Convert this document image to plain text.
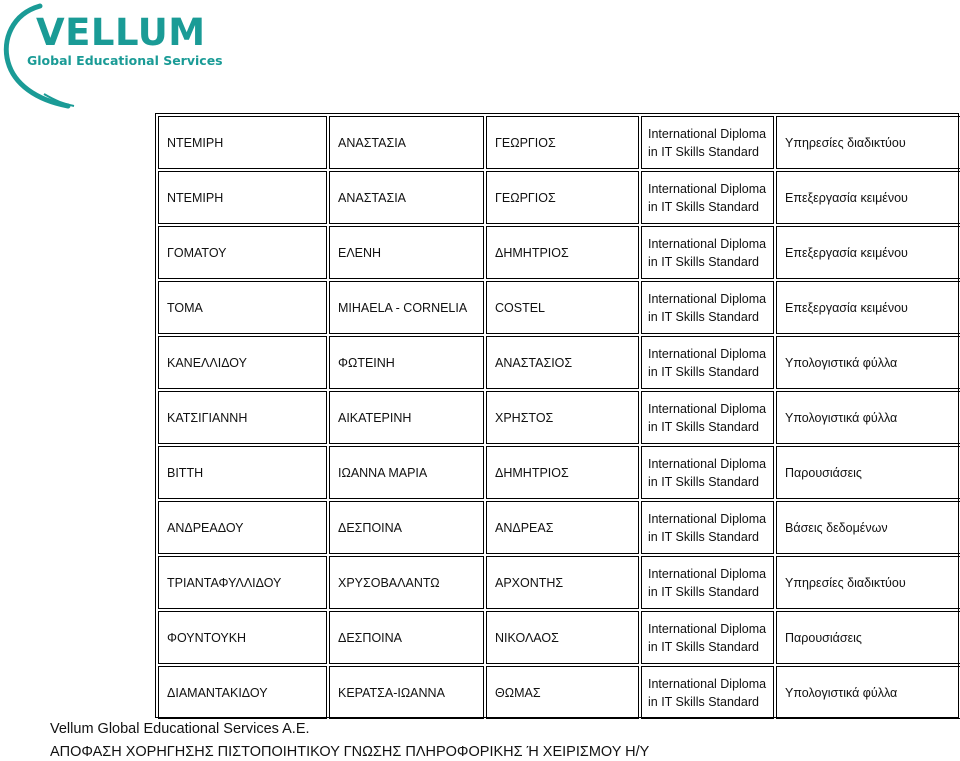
VELLUM
Global Educational Services
ΝΤΕΜΙΡΗ	ΑΝΑΣΤΑΣΙΑ	ΓΕΩΡΓΙΟΣ
International Diploma in IT Skills Standard
Υπηρεσίες διαδικτύου
ΝΤΕΜΙΡΗ	ΑΝΑΣΤΑΣΙΑ	ΓΕΩΡΓΙΟΣ
International Diploma in IT Skills Standard
Επεξεργασία κειμένου
ΓΟΜΑΤΟΥ	ΕΛΕΝΗ	ΔΗΜΗΤΡΙΟΣ
International Diploma in IT Skills Standard
Επεξεργασία κειμένου
ΤΟΜΑ	MIHAELA - CORNELIA	COSTEL
International Diploma in IT Skills Standard
Επεξεργασία κειμένου
ΚΑΝΕΛΛΙΔΟΥ	ΦΩΤΕΙΝΗ	ΑΝΑΣΤΑΣΙΟΣ
International Diploma in IT Skills Standard
Υπολογιστικά φύλλα
ΚΑΤΣΙΓΙΑΝΝΗ	ΑΙΚΑΤΕΡΙΝΗ	ΧΡΗΣΤΟΣ
International Diploma in IT Skills Standard
Υπολογιστικά φύλλα
ΒΙΤΤΗ	ΙΩΑΝΝΑ ΜΑΡΙΑ	ΔΗΜΗΤΡΙΟΣ
International Diploma in IT Skills Standard
Παρουσιάσεις
ΑΝΔΡΕΑΔΟΥ	ΔΕΣΠΟΙΝΑ	ΑΝΔΡΕΑΣ
International Diploma in IT Skills Standard
Βάσεις δεδομένων
ΤΡΙΑΝΤΑΦΥΛΛΙΔΟΥ	ΧΡΥΣΟΒΑΛΑΝΤΩ	ΑΡΧΟΝΤΗΣ
International Diploma in IT Skills Standard
Υπηρεσίες διαδικτύου
ΦΟΥΝΤΟΥΚΗ	ΔΕΣΠΟΙΝΑ	ΝΙΚΟΛΑΟΣ
International Diploma in IT Skills Standard
Παρουσιάσεις
ΔΙΑΜΑΝΤΑΚΙΔΟΥ	ΚΕΡΑΤΣΑ-ΙΩΑΝΝΑ	ΘΩΜΑΣ
International Diploma in IT Skills Standard
Υπολογιστικά φύλλα
Vellum Global Educational Services A.E.
ΑΠΟΦΑΣΗ ΧΟΡΗΓΗΣΗΣ ΠΙΣΤΟΠΟΙΗΤΙΚΟΥ ΓΝΩΣΗΣ ΠΛΗΡΟΦΟΡΙΚΗΣ Ή ΧΕΙΡΙΣΜΟΥ Η/Υ
